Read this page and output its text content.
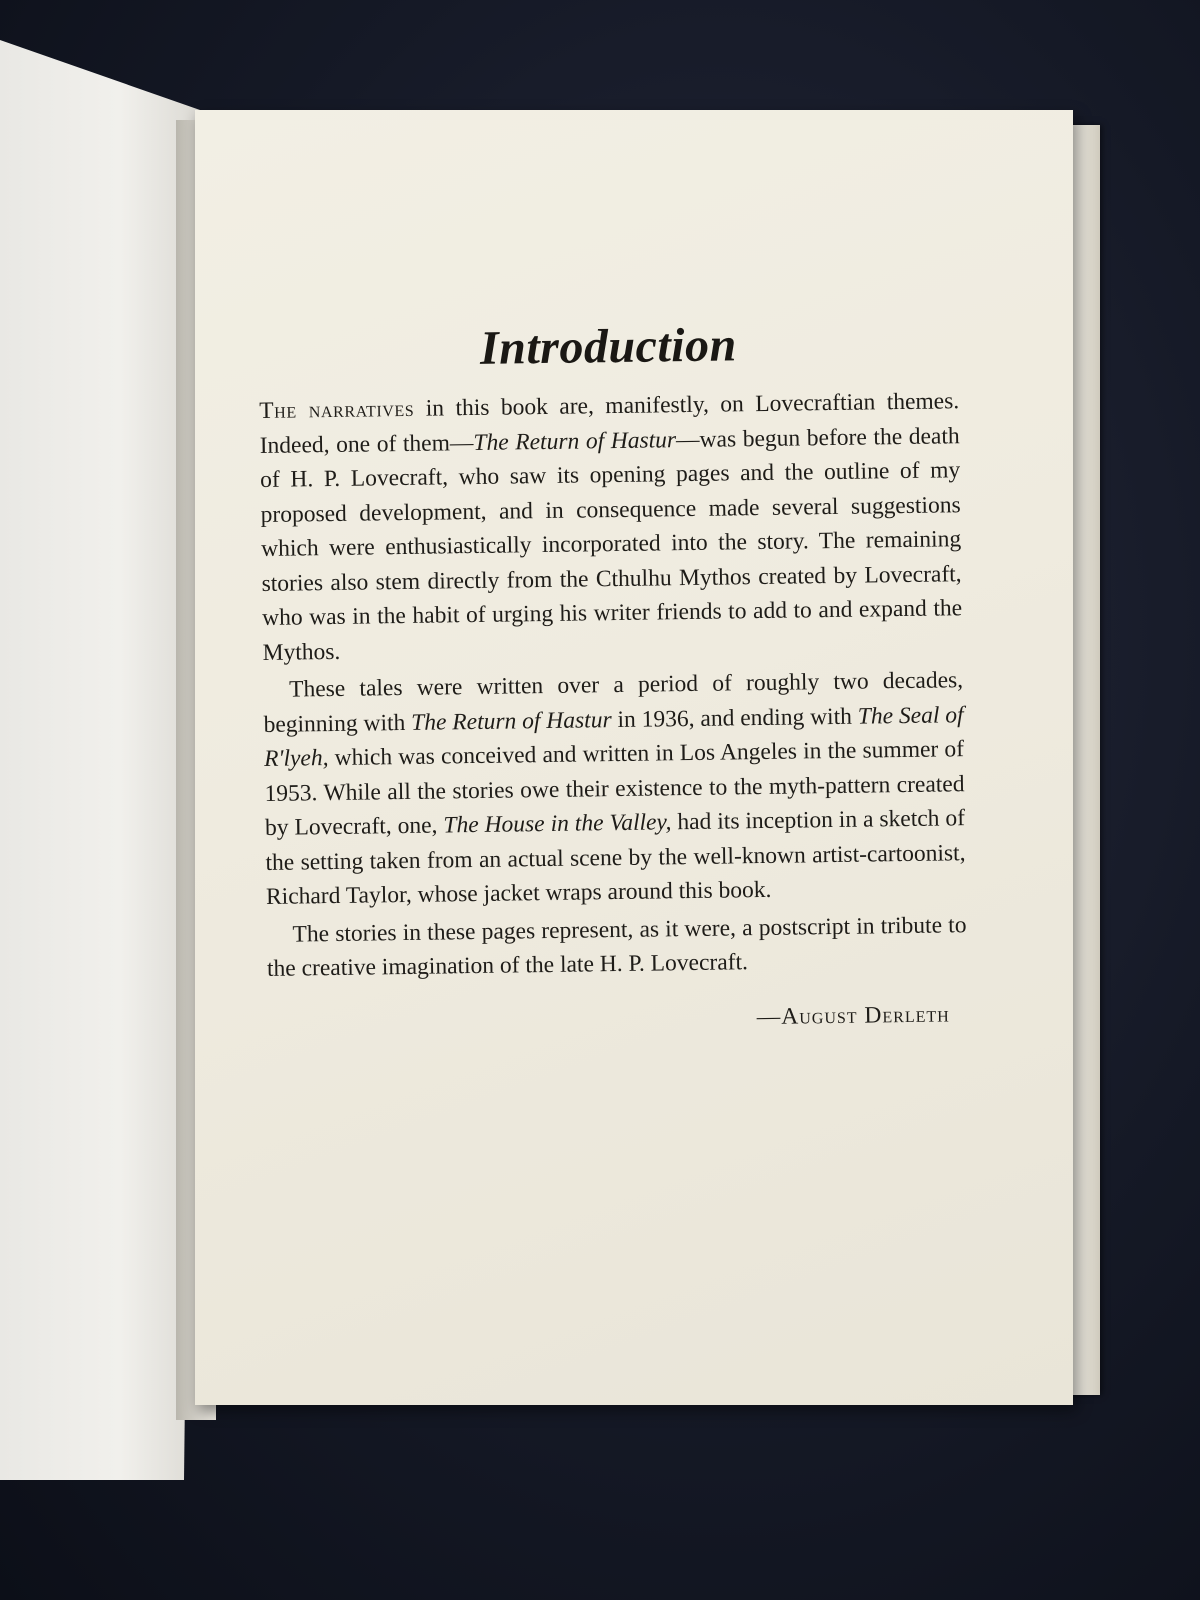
Introduction

The narratives in this book are, manifestly, on Lovecraftian themes. Indeed, one of them—The Return of Hastur—was begun before the death of H. P. Lovecraft, who saw its opening pages and the outline of my proposed development, and in consequence made several suggestions which were enthusiastically incorporated into the story. The remaining stories also stem directly from the Cthulhu Mythos created by Lovecraft, who was in the habit of urging his writer friends to add to and expand the Mythos.

These tales were written over a period of roughly two decades, beginning with The Return of Hastur in 1936, and ending with The Seal of R'lyeh, which was conceived and written in Los Angeles in the summer of 1953. While all the stories owe their existence to the myth-pattern created by Lovecraft, one, The House in the Valley, had its inception in a sketch of the setting taken from an actual scene by the well-known artist-cartoonist, Richard Taylor, whose jacket wraps around this book.

The stories in these pages represent, as it were, a postscript in tribute to the creative imagination of the late H. P. Lovecraft.

—August Derleth
